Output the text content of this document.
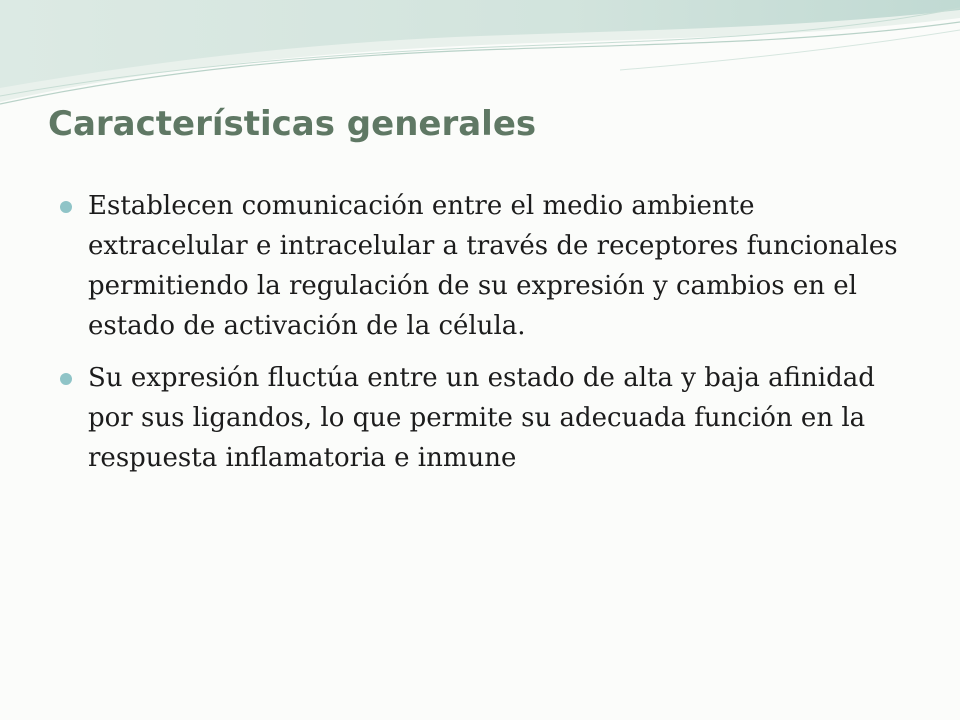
Características generales
Establecen comunicación entre el medio ambiente extracelular e intracelular a través de receptores funcionales permitiendo la regulación de su expresión y cambios en el estado de activación de la célula.
Su expresión fluctúa entre un estado de alta y baja afinidad por sus ligandos, lo que permite su adecuada función en la respuesta inflamatoria e inmune
